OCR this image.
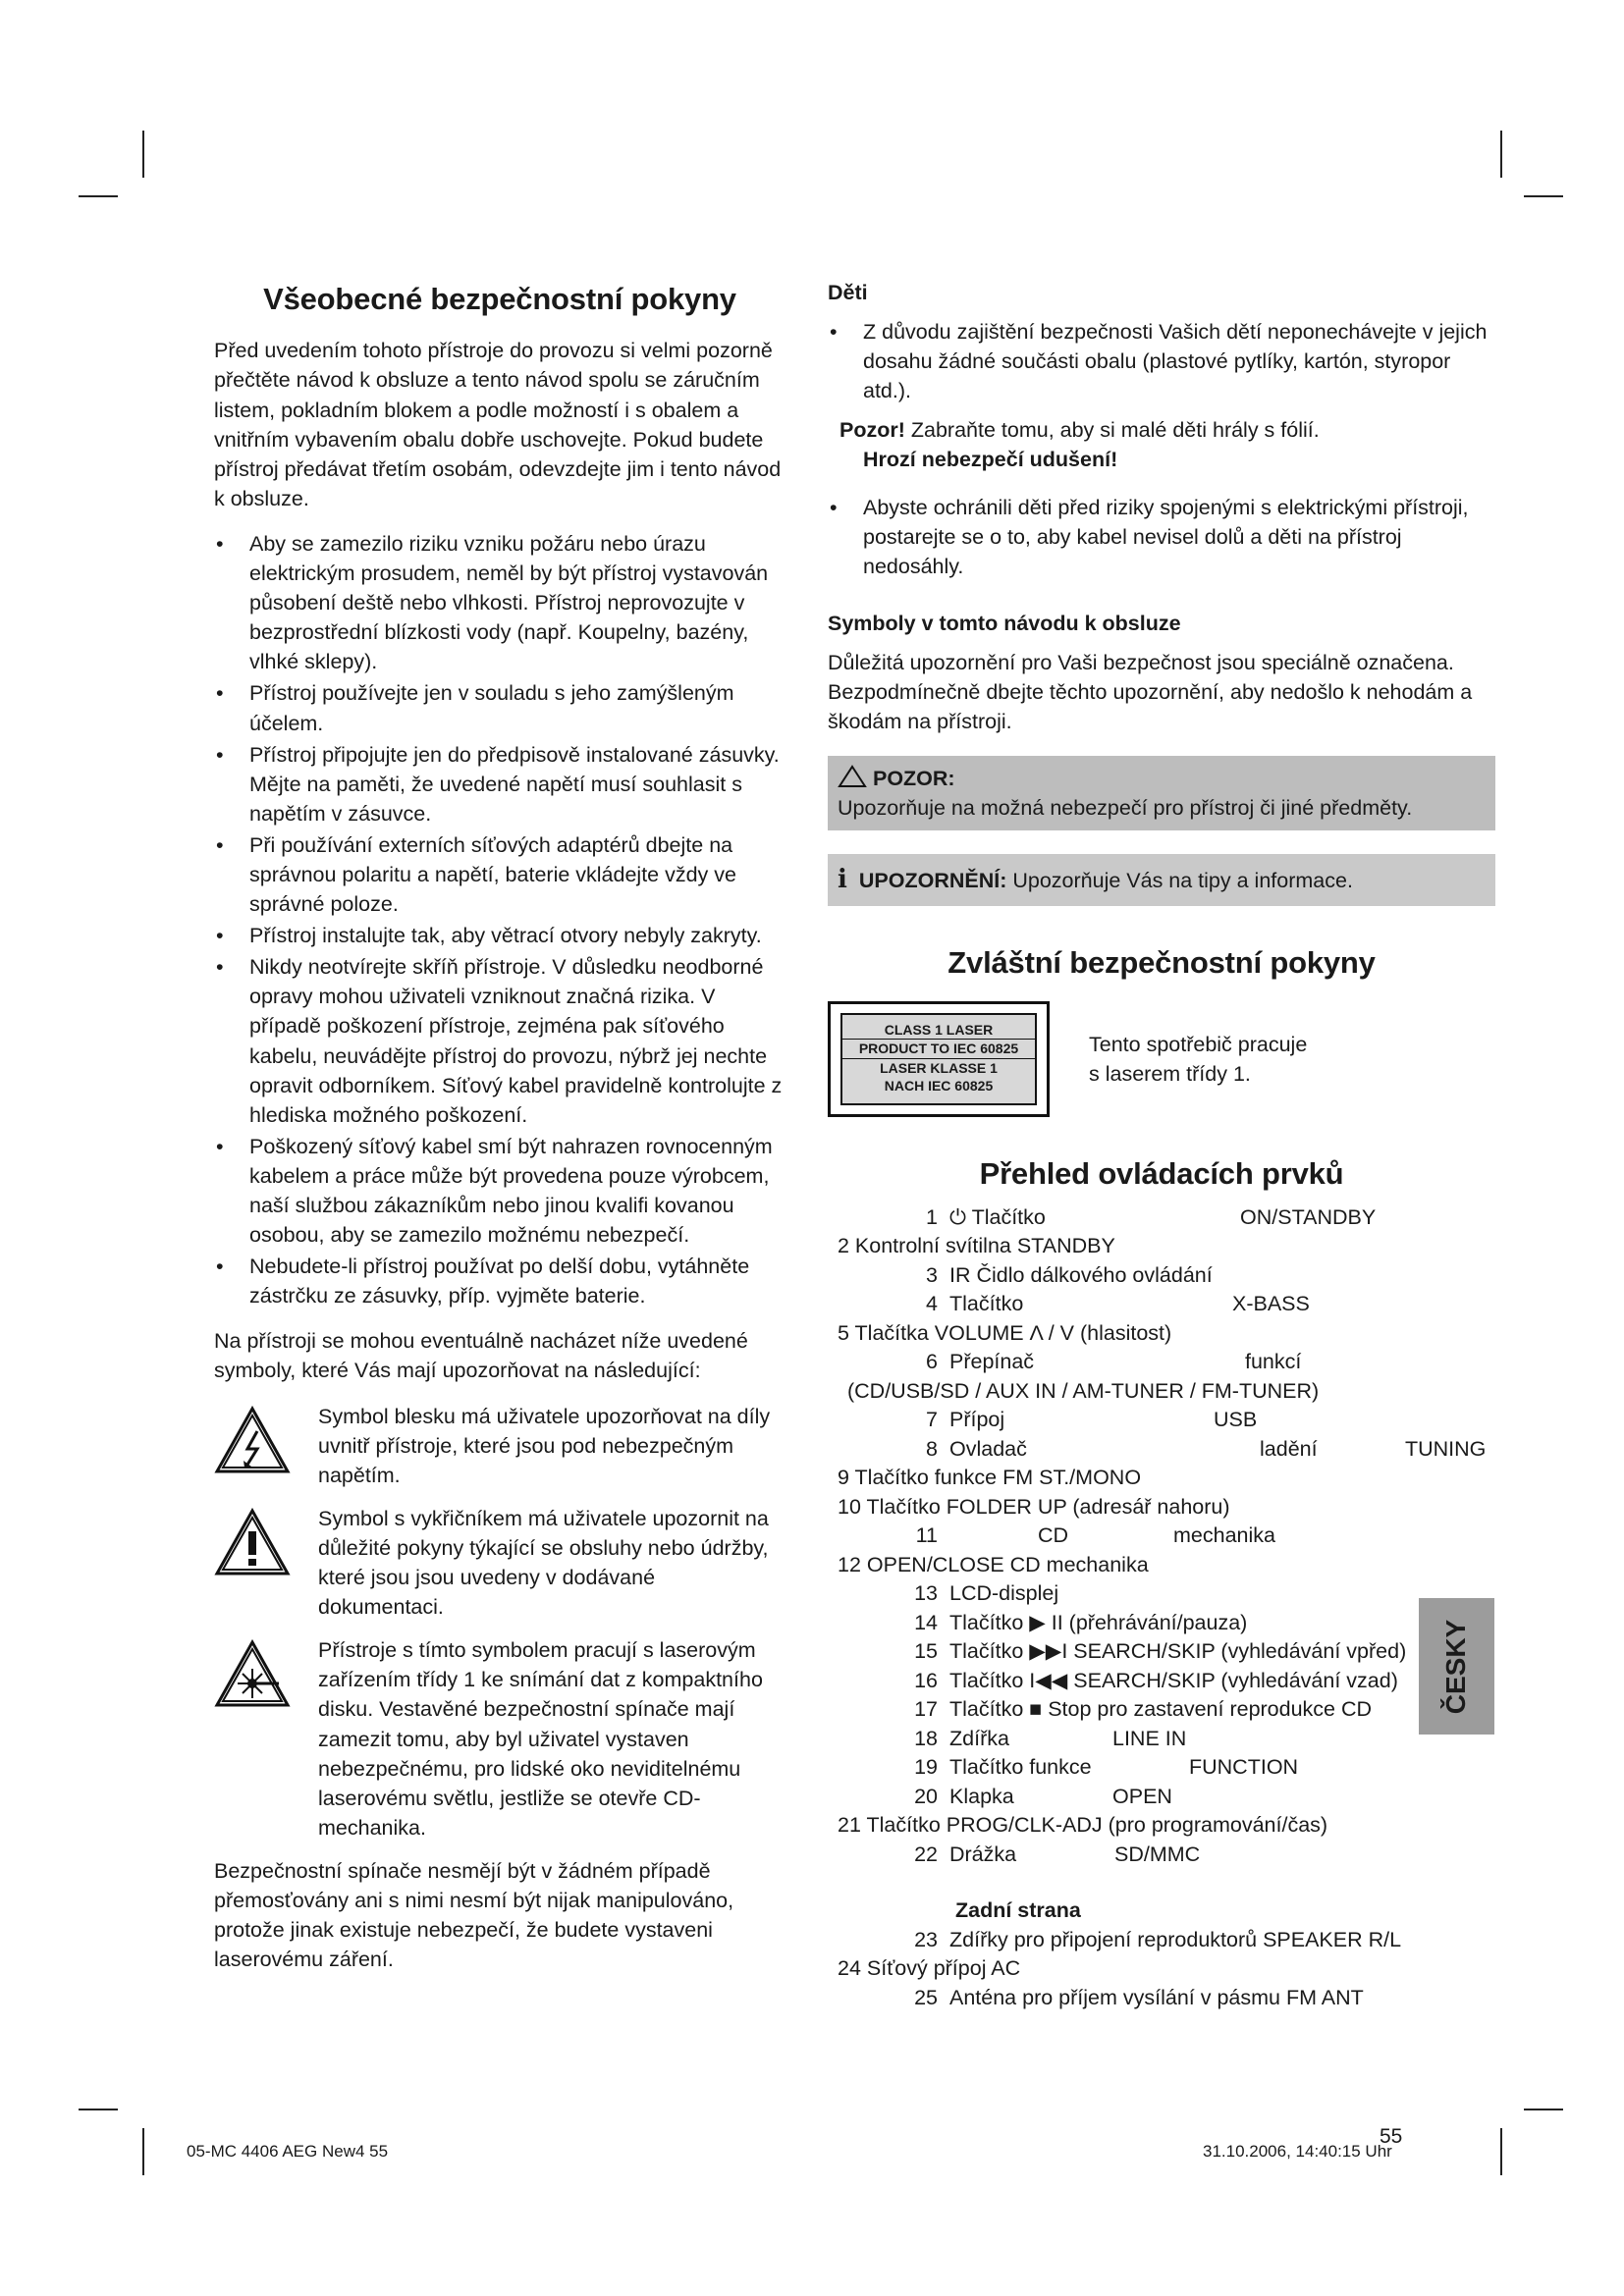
Všeobecné bezpečnostní pokyny

Před uvedením tohoto přístroje do provozu si velmi pozorně přečtěte návod k obsluze a tento návod spolu se záručním listem, pokladním blokem a podle možností i s obalem a vnitřním vybavením obalu dobře uschovejte. Pokud budete přístroj předávat třetím osobám, odevzdejte jim i tento návod k obsluze.

• Aby se zamezilo riziku vzniku požáru nebo úrazu elektrickým prosudem, neměl by být přístroj vystavován působení deště nebo vlhkosti. Přístroj neprovozujte v bezprostřední blízkosti vody (např. Koupelny, bazény, vlhké sklepy).
• Přístroj používejte jen v souladu s jeho zamýšleným účelem.
• Přístroj připojujte jen do předpisově instalované zásuvky. Mějte na paměti, že uvedené napětí musí souhlasit s napětím v zásuvce.
• Při používání externích síťových adaptérů dbejte na správnou polaritu a napětí, baterie vkládejte vždy ve správné poloze.
• Přístroj instalujte tak, aby větrací otvory nebyly zakryty.
• Nikdy neotvírejte skříň přístroje. V důsledku neodborné opravy mohou uživateli vzniknout značná rizika. V případě poškození přístroje, zejména pak síťového kabelu, neuvádějte přístroj do provozu, nýbrž jej nechte opravit odborníkem. Síťový kabel pravidelně kontrolujte z hlediska možného poškození.
• Poškozený síťový kabel smí být nahrazen rovnocenným kabelem a práce může být provedena pouze výrobcem, naší službou zákazníkům nebo jinou kvalifi kovanou osobou, aby se zamezilo možnému nebezpečí.
• Nebudete-li přístroj používat po delší dobu, vytáhněte zástrčku ze zásuvky, příp. vyjměte baterie.

Na přístroji se mohou eventuálně nacházet níže uvedené symboly, které Vás mají upozorňovat na následující:

Symbol blesku má uživatele upozorňovat na díly uvnitř přístroje, které jsou pod nebezpečným napětím.
Symbol s vykřičníkem má uživatele upozornit na důležité pokyny týkající se obsluhy nebo údržby, které jsou jsou uvedeny v dodávané dokumentaci.
Přístroje s tímto symbolem pracují s laserovým zařízením třídy 1 ke snímání dat z kompaktního disku. Vestavěné bezpečnostní spínače mají zamezit tomu, aby byl uživatel vystaven nebezpečnému, pro lidské oko neviditelnému laserovému světlu, jestliže se otevře CD-mechanika.

Bezpečnostní spínače nesmějí být v žádném případě přemosťovány ani s nimi nesmí být nijak manipulováno, protože jinak existuje nebezpečí, že budete vystaveni laserovému záření.

Děti
• Z důvodu zajištění bezpečnosti Vašich dětí neponechávejte v jejich dosahu žádné součásti obalu (plastové pytlíky, kartón, styropor atd.).
Pozor! Zabraňte tomu, aby si malé děti hrály s fólií.
Hrozí nebezpečí udušení!
• Abyste ochránili děti před riziky spojenými s elektrickými přístroji, postarejte se o to, aby kabel nevisel dolů a děti na přístroj nedosáhly.
Symboly v tomto návodu k obsluze

Důležitá upozornění pro Vaši bezpečnost jsou speciálně označena. Bezpodmínečně dbejte těchto upozornění, aby nedošlo k nehodám a škodám na přístroji.

POZOR:
Upozorňuje na možná nebezpečí pro přístroj či jiné předměty.
i UPOZORNĚNÍ: Upozorňuje Vás na tipy a informace.
Zvláštní bezpečnostní pokyny
CLASS 1 LASER
PRODUCT TO IEC 60825
LASER KLASSE 1
NACH IEC 60825
Tento spotřebič pracuje
s laserem třídy 1.
Přehled ovládacích prvků
1 ⏻ Tlačítko	ON/STANDBY
2 Kontrolní svítilna STANDBY
3 IR Čidlo dálkového ovládání
4 Tlačítko	X-BASS
5 Tlačítka VOLUME Λ / V (hlasitost)
6 Přepínač	funkcí
(CD/USB/SD / AUX IN / AM-TUNER / FM-TUNER)
7 Přípoj	USB
8 Ovladač	ladění	TUNING
9 Tlačítko funkce FM ST./MONO
10 Tlačítko FOLDER UP (adresář nahoru)
11	CD	mechanika
12 OPEN/CLOSE CD mechanika
13 LCD-displej
14 Tlačítko ▶ II (přehrávání/pauza)
15 Tlačítko ▶▶I SEARCH/SKIP (vyhledávání vpřed)
16 Tlačítko I◀◀ SEARCH/SKIP (vyhledávání vzad)
17 Tlačítko ■ Stop pro zastavení reprodukce CD
18 Zdířka	LINE IN
19 Tlačítko funkce	FUNCTION
20 Klapka	OPEN
21 Tlačítko PROG/CLK-ADJ (pro programování/čas)
22 Drážka	SD/MMC
Zadní strana
23 Zdířky pro připojení reproduktorů SPEAKER R/L
24 Síťový přípoj AC
25 Anténa pro příjem vysílání v pásmu FM ANT
ČESKY
55
05-MC 4406 AEG New4 55	31.10.2006, 14:40:15 Uhr
